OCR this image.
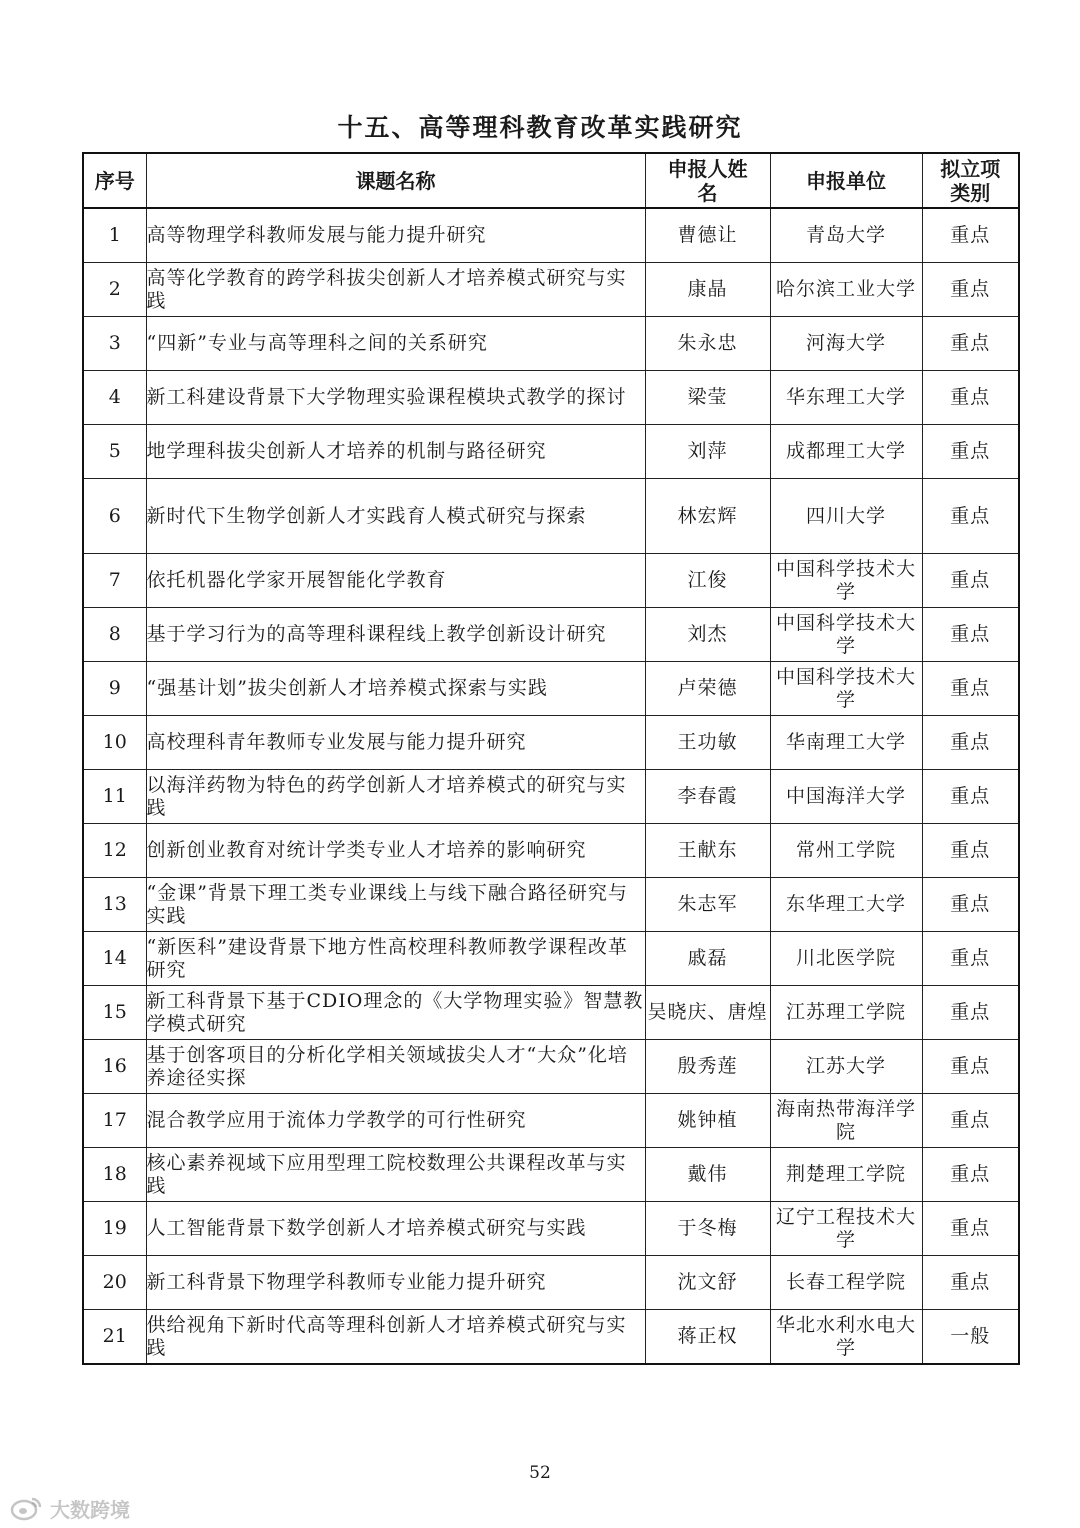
十五、高等理科教育改革实践研究
序号	课题名称	申报人姓名	申报单位	拟立项类别
1	高等物理学科教师发展与能力提升研究	曹德让	青岛大学	重点
2	高等化学教育的跨学科拔尖创新人才培养模式研究与实践	康晶	哈尔滨工业大学	重点
3	“四新”专业与高等理科之间的关系研究	朱永忠	河海大学	重点
4	新工科建设背景下大学物理实验课程模块式教学的探讨	梁莹	华东理工大学	重点
5	地学理科拔尖创新人才培养的机制与路径研究	刘萍	成都理工大学	重点
6	新时代下生物学创新人才实践育人模式研究与探索	林宏辉	四川大学	重点
7	依托机器化学家开展智能化学教育	江俊	中国科学技术大学	重点
8	基于学习行为的高等理科课程线上教学创新设计研究	刘杰	中国科学技术大学	重点
9	“强基计划”拔尖创新人才培养模式探索与实践	卢荣德	中国科学技术大学	重点
10	高校理科青年教师专业发展与能力提升研究	王功敏	华南理工大学	重点
11	以海洋药物为特色的药学创新人才培养模式的研究与实践	李春霞	中国海洋大学	重点
12	创新创业教育对统计学类专业人才培养的影响研究	王献东	常州工学院	重点
13	“金课”背景下理工类专业课线上与线下融合路径研究与实践	朱志军	东华理工大学	重点
14	“新医科”建设背景下地方性高校理科教师教学课程改革研究	戚磊	川北医学院	重点
15	新工科背景下基于CDIO理念的《大学物理实验》智慧教学模式研究	吴晓庆、唐煌	江苏理工学院	重点
16	基于创客项目的分析化学相关领域拔尖人才“大众”化培养途径实探	殷秀莲	江苏大学	重点
17	混合教学应用于流体力学教学的可行性研究	姚钟植	海南热带海洋学院	重点
18	核心素养视域下应用型理工院校数理公共课程改革与实践	戴伟	荆楚理工学院	重点
19	人工智能背景下数学创新人才培养模式研究与实践	于冬梅	辽宁工程技术大学	重点
20	新工科背景下物理学科教师专业能力提升研究	沈文舒	长春工程学院	重点
21	供给视角下新时代高等理科创新人才培养模式研究与实践	蒋正权	华北水利水电大学	一般
52
大数跨境
